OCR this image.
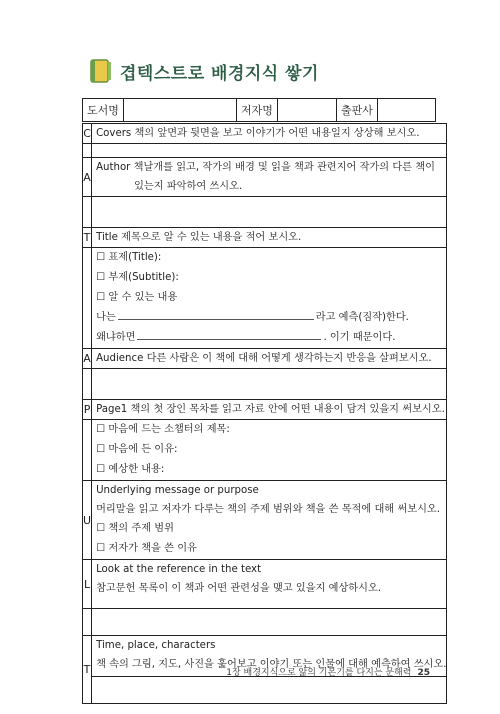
겹텍스트로 배경지식 쌓기
도서명	저자명	출판사
C	Covers 책의 앞면과 뒷면을 보고 이야기가 어떤 내용일지 상상해 보시오.

A	Author 책날개를 읽고, 작가의 배경 및 읽을 책과 관련지어 작가의 다른 책이
있는지 파악하여 쓰시오.

T	Title 제목으로 알 수 있는 내용을 적어 보시오.

	☐ 표제(Title):
☐ 부제(Subtitle):
☐ 알 수 있는 내용
나는 라고 예측(짐작)한다.
왜냐하면 . 이기 때문이다.

A	Audience 다른 사람은 이 책에 대해 어떻게 생각하는지 반응을 살펴보시오.

P	Page1 책의 첫 장인 목차를 읽고 자료 안에 어떤 내용이 담겨 있을지 써보시오.

	☐ 마음에 드는 소챕터의 제목:
☐ 마음에 든 이유:
☐ 예상한 내용:

U	Underlying message or purpose
머리말을 읽고 저자가 다루는 책의 주제 범위와 책을 쓴 목적에 대해 써보시오.
☐ 책의 주제 범위
☐ 저자가 책을 쓴 이유

L	Look at the reference in the text
참고문헌 목록이 이 책과 어떤 관련성을 맺고 있을지 예상하시오.

T	Time, place, characters
책 속의 그림, 지도, 사진을 훑어보고 이야기 또는 인물에 대해 예측하여 쓰시오.
1장 배경지식으로 앎의 기본기를 다지는 문해력 25
